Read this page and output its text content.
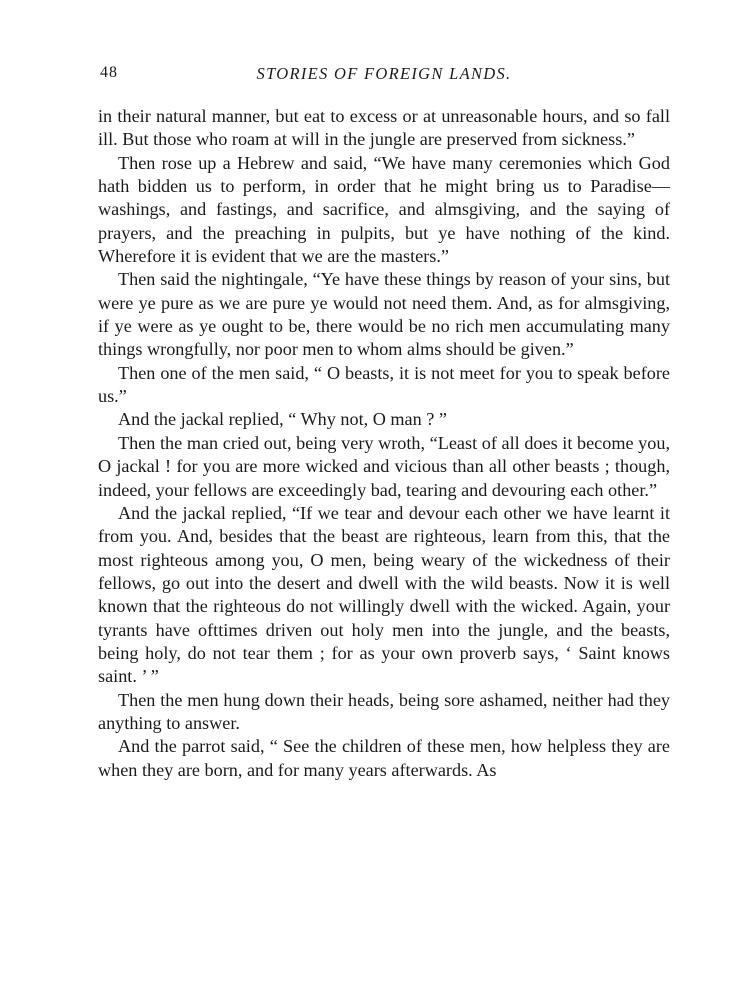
48	STORIES OF FOREIGN LANDS.

in their natural manner, but eat to excess or at unreasonable hours, and so fall ill. But those who roam at will in the jungle are preserved from sickness.”

Then rose up a Hebrew and said, “We have many ceremonies which God hath bidden us to perform, in order that he might bring us to Paradise—washings, and fastings, and sacrifice, and almsgiving, and the saying of prayers, and the preaching in pulpits, but ye have nothing of the kind. Wherefore it is evident that we are the masters.”

Then said the nightingale, “Ye have these things by reason of your sins, but were ye pure as we are pure ye would not need them. And, as for almsgiving, if ye were as ye ought to be, there would be no rich men accumulating many things wrongfully, nor poor men to whom alms should be given.”

Then one of the men said, “ O beasts, it is not meet for you to speak before us.”

And the jackal replied, “ Why not, O man ? ”

Then the man cried out, being very wroth, “Least of all does it become you, O jackal ! for you are more wicked and vicious than all other beasts ; though, indeed, your fellows are exceedingly bad, tearing and devouring each other.”

And the jackal replied, “If we tear and devour each other we have learnt it from you. And, besides that the beast are righteous, learn from this, that the most righteous among you, O men, being weary of the wickedness of their fellows, go out into the desert and dwell with the wild beasts. Now it is well known that the righteous do not willingly dwell with the wicked. Again, your tyrants have ofttimes driven out holy men into the jungle, and the beasts, being holy, do not tear them ; for as your own proverb says, ‘ Saint knows saint. ’ ”

Then the men hung down their heads, being sore ashamed, neither had they anything to answer.

And the parrot said, “ See the children of these men, how helpless they are when they are born, and for many years afterwards. As
